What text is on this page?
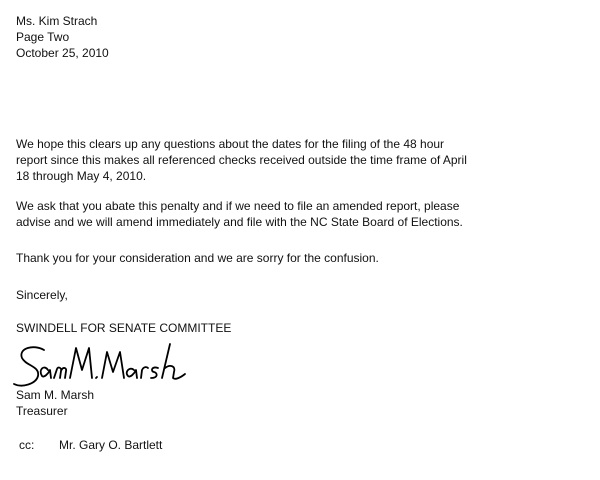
Ms. Kim Strach
Page Two
October 25, 2010
We hope this clears up any questions about the dates for the filing of the 48 hour
report since this makes all referenced checks received outside the time frame of April
18 through May 4, 2010.
We ask that you abate this penalty and if we need to file an amended report, please
advise and we will amend immediately and file with the NC State Board of Elections.
Thank you for your consideration and we are sorry for the confusion.
Sincerely,
SWINDELL FOR SENATE COMMITTEE
Sam M. Marsh
Treasurer
cc: Mr. Gary O. Bartlett
